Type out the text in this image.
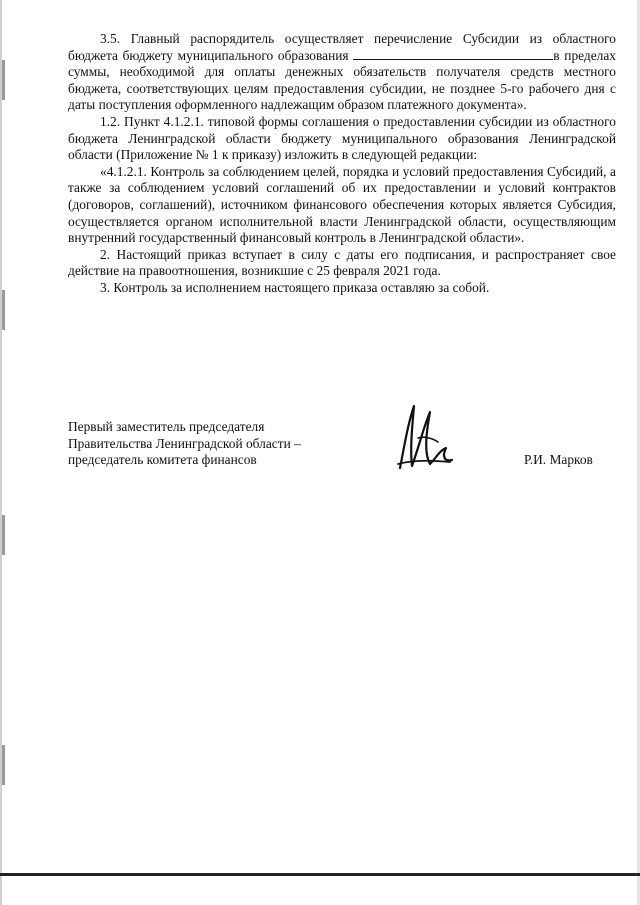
3.5. Главный распорядитель осуществляет перечисление Субсидии из областного бюджета бюджету муниципального образования	в пределах суммы, необходимой для оплаты денежных обязательств получателя средств местного бюджета, соответствующих целям предоставления субсидии, не позднее 5-го рабочего дня с даты поступления оформленного надлежащим образом платежного документа».

1.2. Пункт 4.1.2.1. типовой формы соглашения о предоставлении субсидии из областного бюджета Ленинградской области бюджету муниципального образования Ленинградской области (Приложение № 1 к приказу) изложить в следующей редакции:

«4.1.2.1. Контроль за соблюдением целей, порядка и условий предоставления Субсидий, а также за соблюдением условий соглашений об их предоставлении и условий контрактов (договоров, соглашений), источником финансового обеспечения которых является Субсидия, осуществляется органом исполнительной власти Ленинградской области, осуществляющим внутренний государственный финансовый контроль в Ленинградской области».

2. Настоящий приказ вступает в силу с даты его подписания, и распространяет свое действие на правоотношения, возникшие с 25 февраля 2021 года.

3. Контроль за исполнением настоящего приказа оставляю за собой.

Первый заместитель председателя
Правительства Ленинградской области –
председатель комитета финансов	Р.И. Марков
